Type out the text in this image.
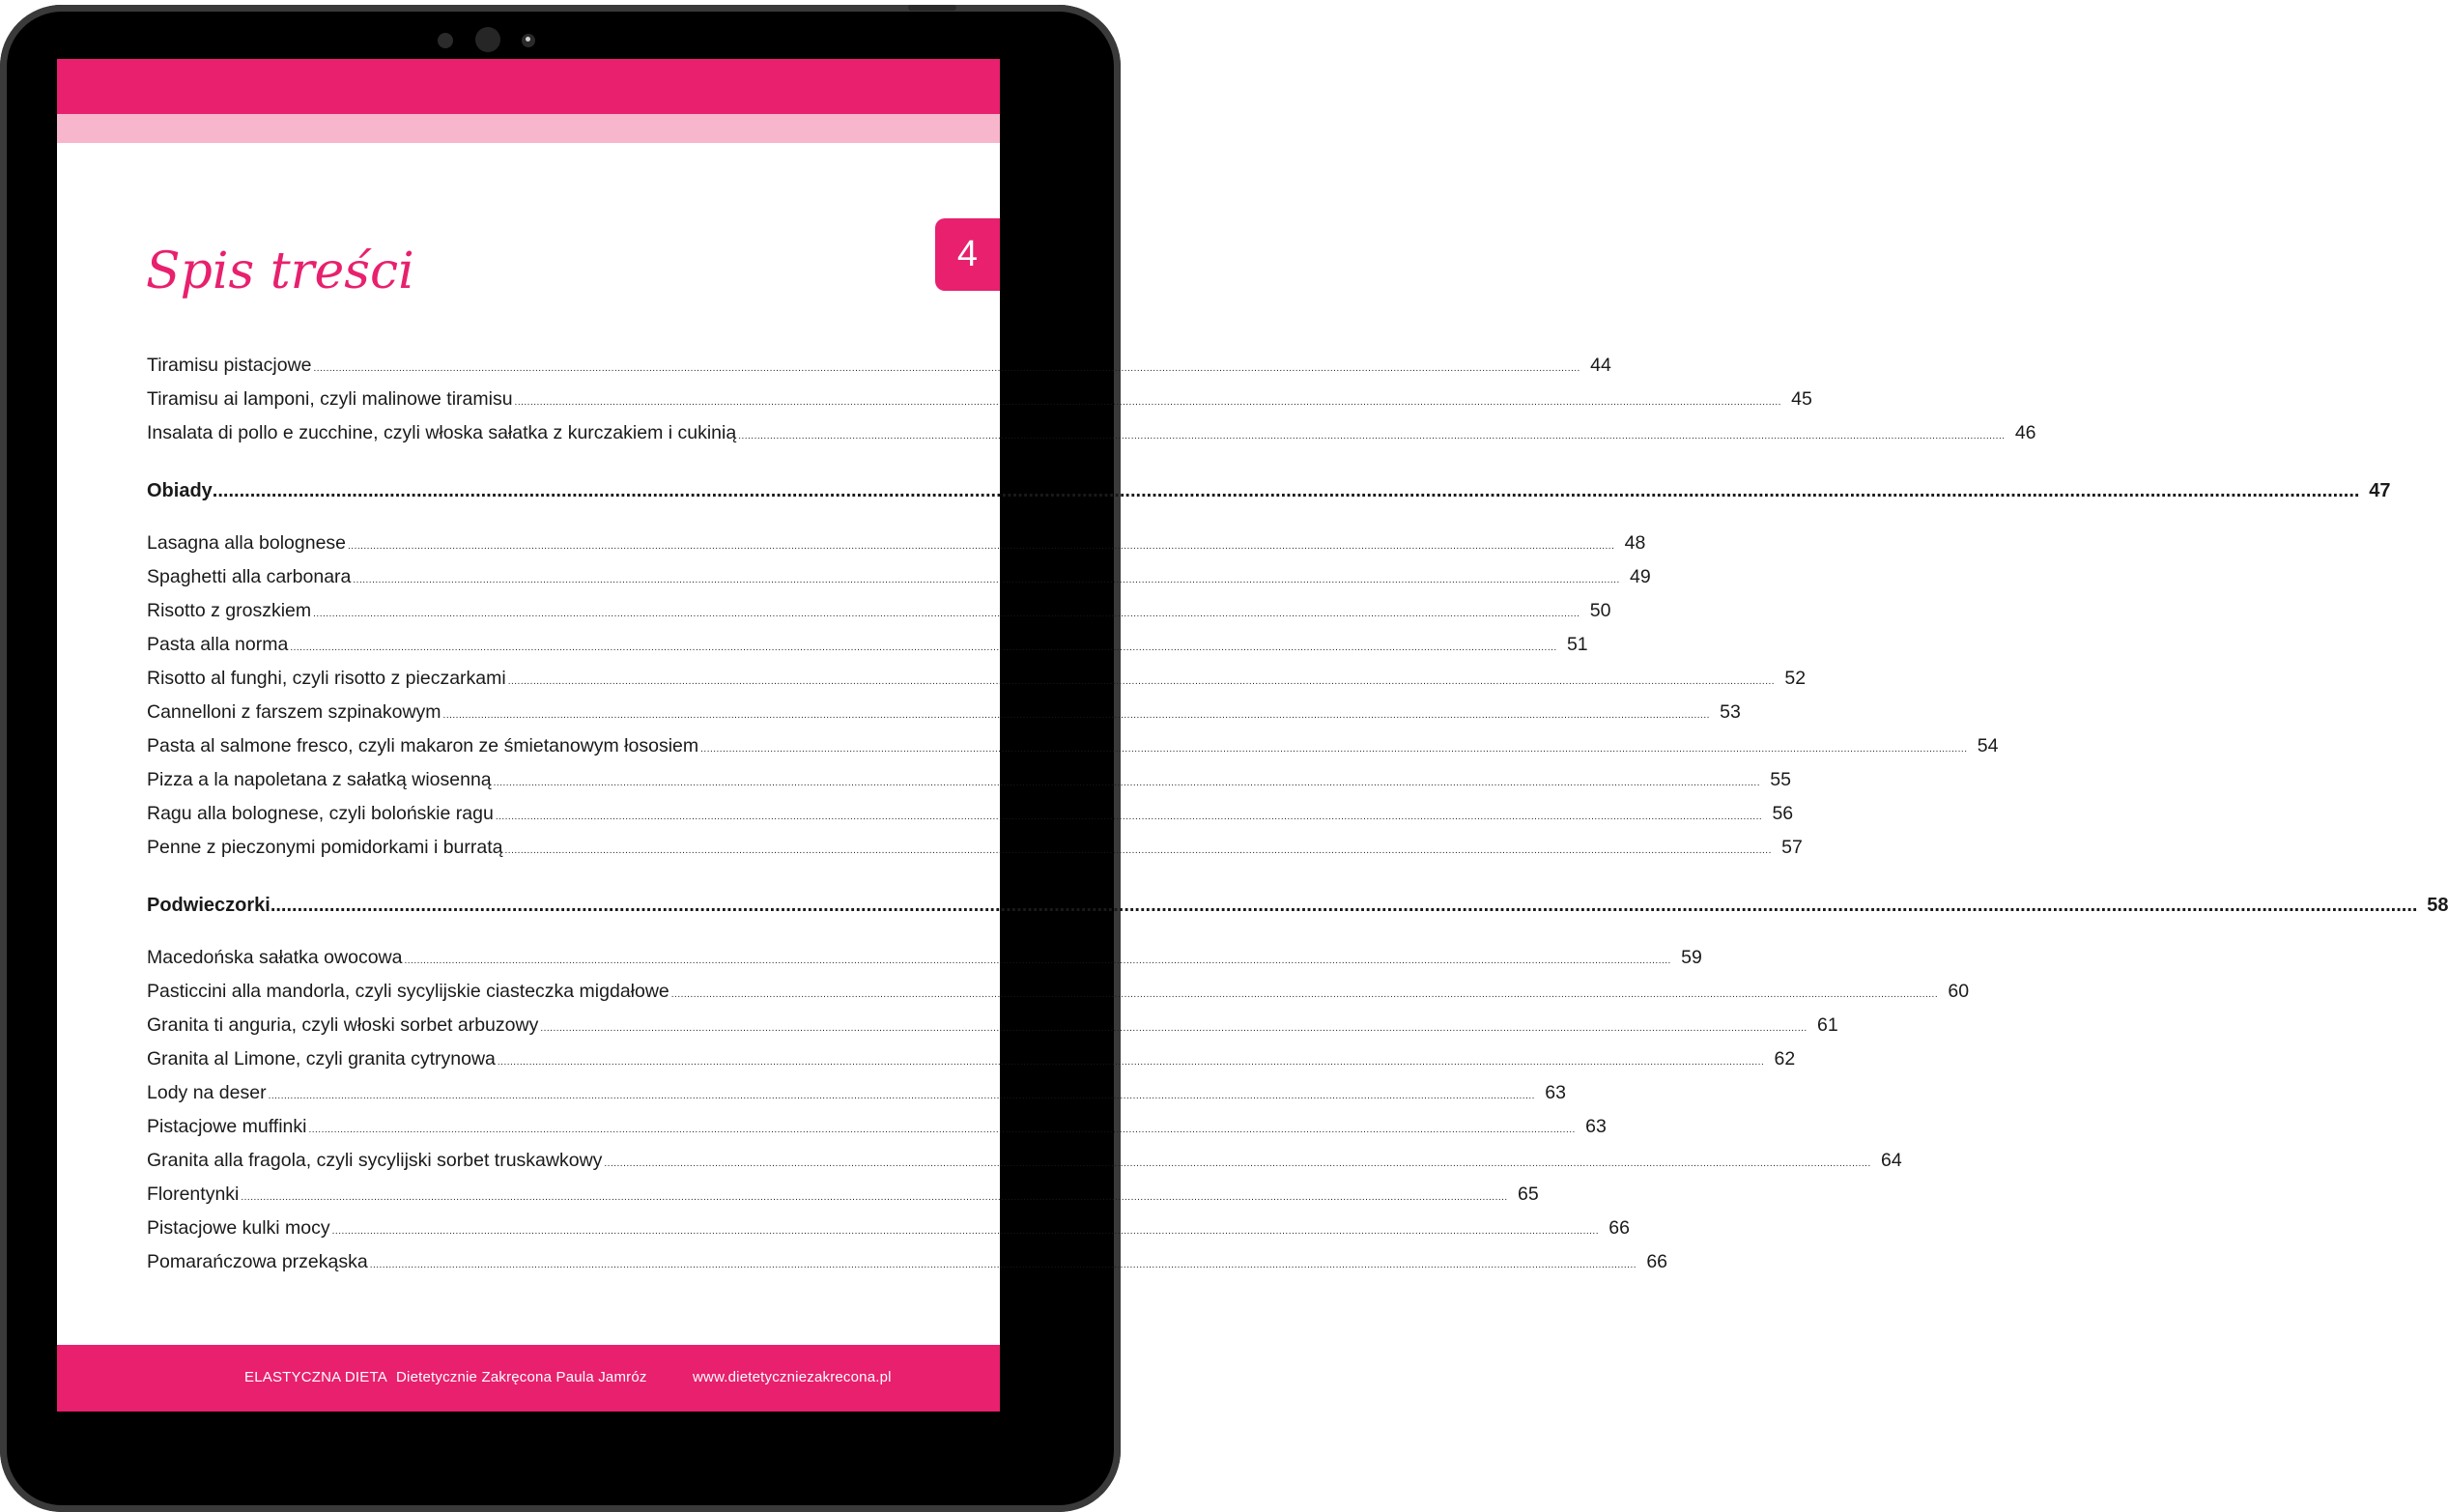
4
Spis treści
Tiramisu pistacjowe ................................................................................................................................................................................................................................................................................................................................................................................................................ 44
Tiramisu ai lamponi, czyli malinowe tiramisu ................................................................................................................................................................................................................................................................................................................................................................................................................ 45
Insalata di pollo e zucchine, czyli włoska sałatka z kurczakiem i cukinią ................................................................................................................................................................................................................................................................................................................................................................................................................ 46
Obiady ................................................................................................................................................................................................................................................................................................................................................................................................................ 47
Lasagna alla bolognese ................................................................................................................................................................................................................................................................................................................................................................................................................ 48
Spaghetti alla carbonara ................................................................................................................................................................................................................................................................................................................................................................................................................ 49
Risotto z groszkiem ................................................................................................................................................................................................................................................................................................................................................................................................................ 50
Pasta alla norma ................................................................................................................................................................................................................................................................................................................................................................................................................ 51
Risotto al funghi, czyli risotto z pieczarkami ................................................................................................................................................................................................................................................................................................................................................................................................................ 52
Cannelloni z farszem szpinakowym ................................................................................................................................................................................................................................................................................................................................................................................................................ 53
Pasta al salmone fresco, czyli makaron ze śmietanowym łososiem ................................................................................................................................................................................................................................................................................................................................................................................................................ 54
Pizza a la napoletana z sałatką wiosenną ................................................................................................................................................................................................................................................................................................................................................................................................................ 55
Ragu alla bolognese, czyli bolońskie ragu ................................................................................................................................................................................................................................................................................................................................................................................................................ 56
Penne z pieczonymi pomidorkami i burratą ................................................................................................................................................................................................................................................................................................................................................................................................................ 57
Podwieczorki ................................................................................................................................................................................................................................................................................................................................................................................................................ 58
Macedońska sałatka owocowa ................................................................................................................................................................................................................................................................................................................................................................................................................ 59
Pasticcini alla mandorla, czyli sycylijskie ciasteczka migdałowe ................................................................................................................................................................................................................................................................................................................................................................................................................ 60
Granita ti anguria, czyli włoski sorbet arbuzowy ................................................................................................................................................................................................................................................................................................................................................................................................................ 61
Granita al Limone, czyli granita cytrynowa ................................................................................................................................................................................................................................................................................................................................................................................................................ 62
Lody na deser ................................................................................................................................................................................................................................................................................................................................................................................................................ 63
Pistacjowe muffinki ................................................................................................................................................................................................................................................................................................................................................................................................................ 63
Granita alla fragola, czyli sycylijski sorbet truskawkowy ................................................................................................................................................................................................................................................................................................................................................................................................................ 64
Florentynki ................................................................................................................................................................................................................................................................................................................................................................................................................ 65
Pistacjowe kulki mocy ................................................................................................................................................................................................................................................................................................................................................................................................................ 66
Pomarańczowa przekąska ................................................................................................................................................................................................................................................................................................................................................................................................................ 66
ELASTYCZNA DIETA Dietetycznie Zakręcona Paula Jamróz	www.dietetyczniezakrecona.pl
